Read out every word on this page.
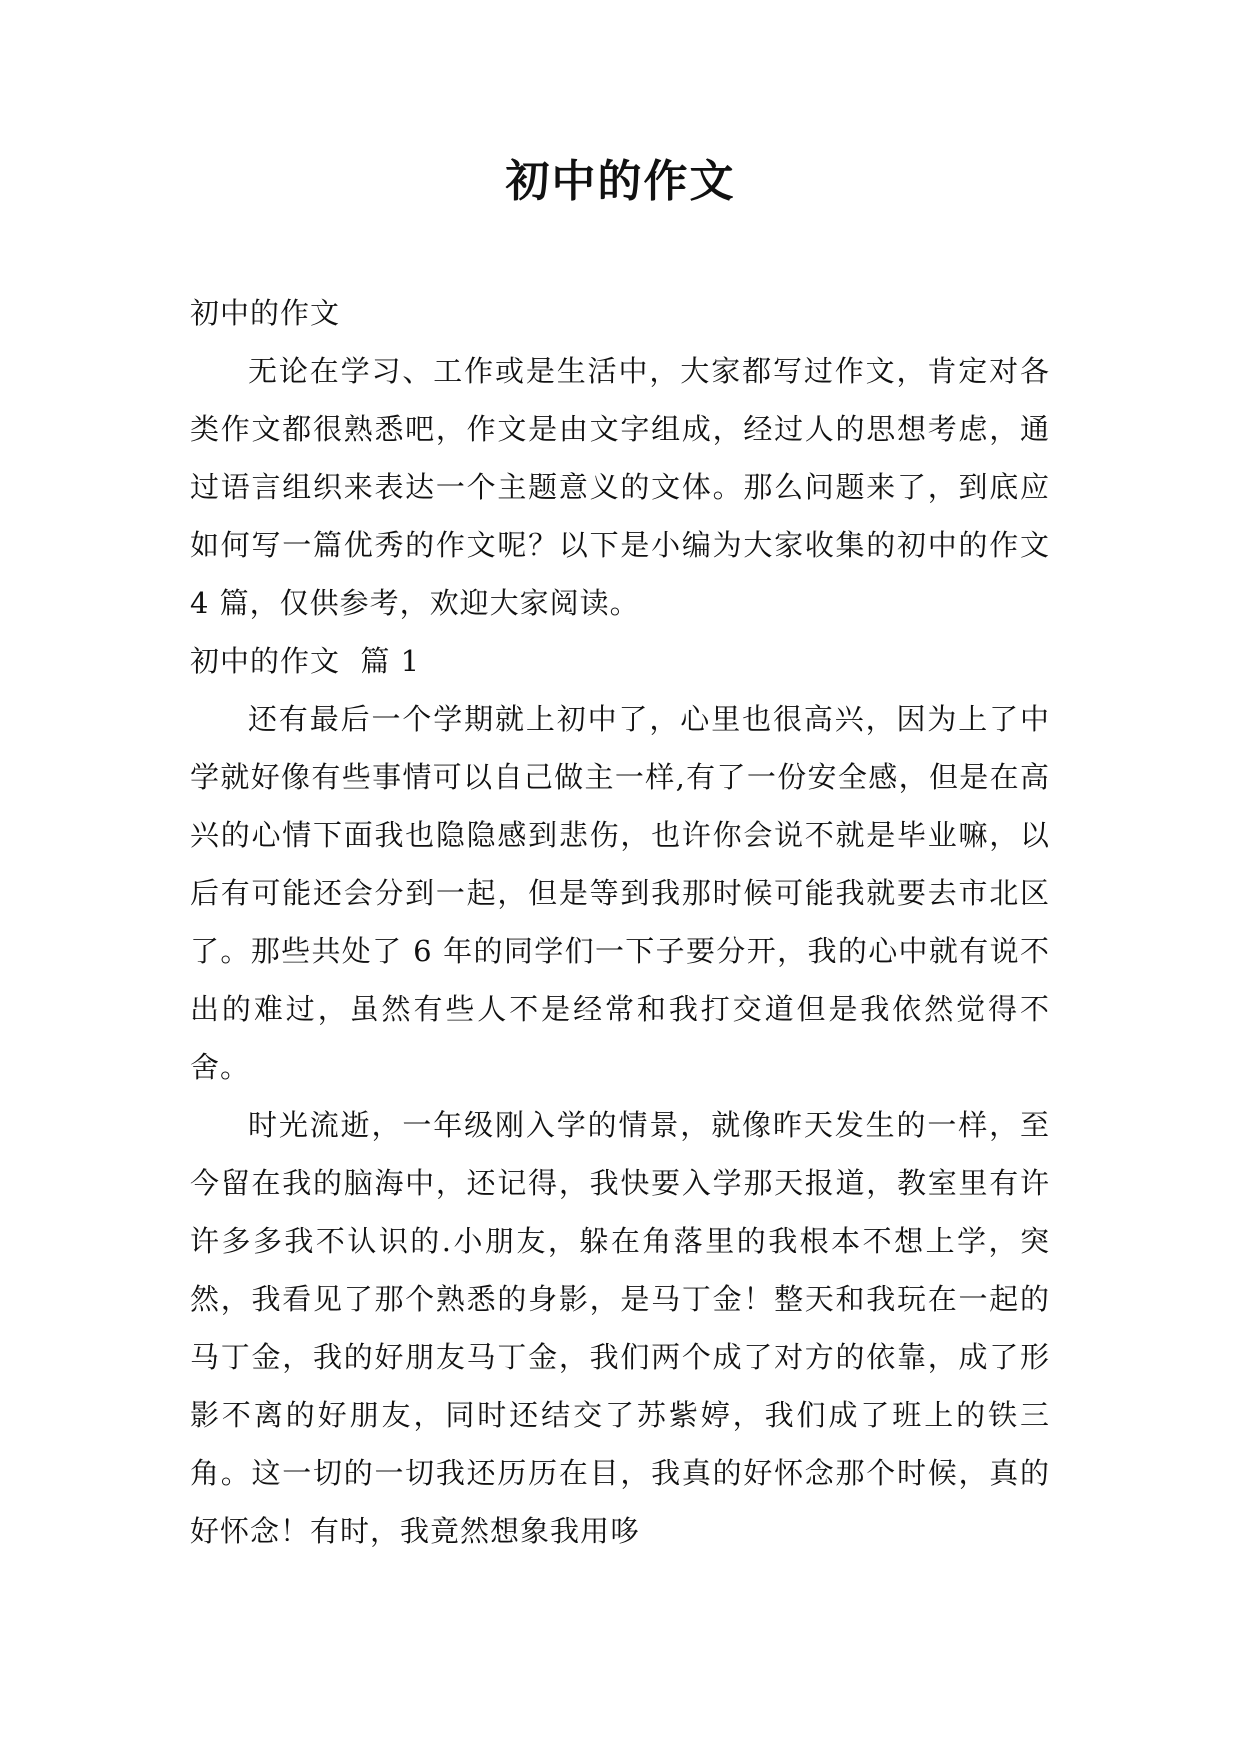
初中的作文

初中的作文

无论在学习、工作或是生活中，大家都写过作文，肯定对各类作文都很熟悉吧，作文是由文字组成，经过人的思想考虑，通过语言组织来表达一个主题意义的文体。那么问题来了，到底应如何写一篇优秀的作文呢？以下是小编为大家收集的初中的作文 4 篇，仅供参考，欢迎大家阅读。

初中的作文  篇 1

还有最后一个学期就上初中了，心里也很高兴，因为上了中学就好像有些事情可以自己做主一样,有了一份安全感，但是在高兴的心情下面我也隐隐感到悲伤，也许你会说不就是毕业嘛，以后有可能还会分到一起，但是等到我那时候可能我就要去市北区了。那些共处了 6 年的同学们一下子要分开，我的心中就有说不出的难过，虽然有些人不是经常和我打交道但是我依然觉得不舍。

时光流逝，一年级刚入学的情景，就像昨天发生的一样，至今留在我的脑海中，还记得，我快要入学那天报道，教室里有许许多多我不认识的.小朋友，躲在角落里的我根本不想上学，突然，我看见了那个熟悉的身影，是马丁金！整天和我玩在一起的马丁金，我的好朋友马丁金，我们两个成了对方的依靠，成了形影不离的好朋友，同时还结交了苏紫婷，我们成了班上的铁三角。这一切的一切我还历历在目，我真的好怀念那个时候，真的好怀念！有时，我竟然想象我用哆
